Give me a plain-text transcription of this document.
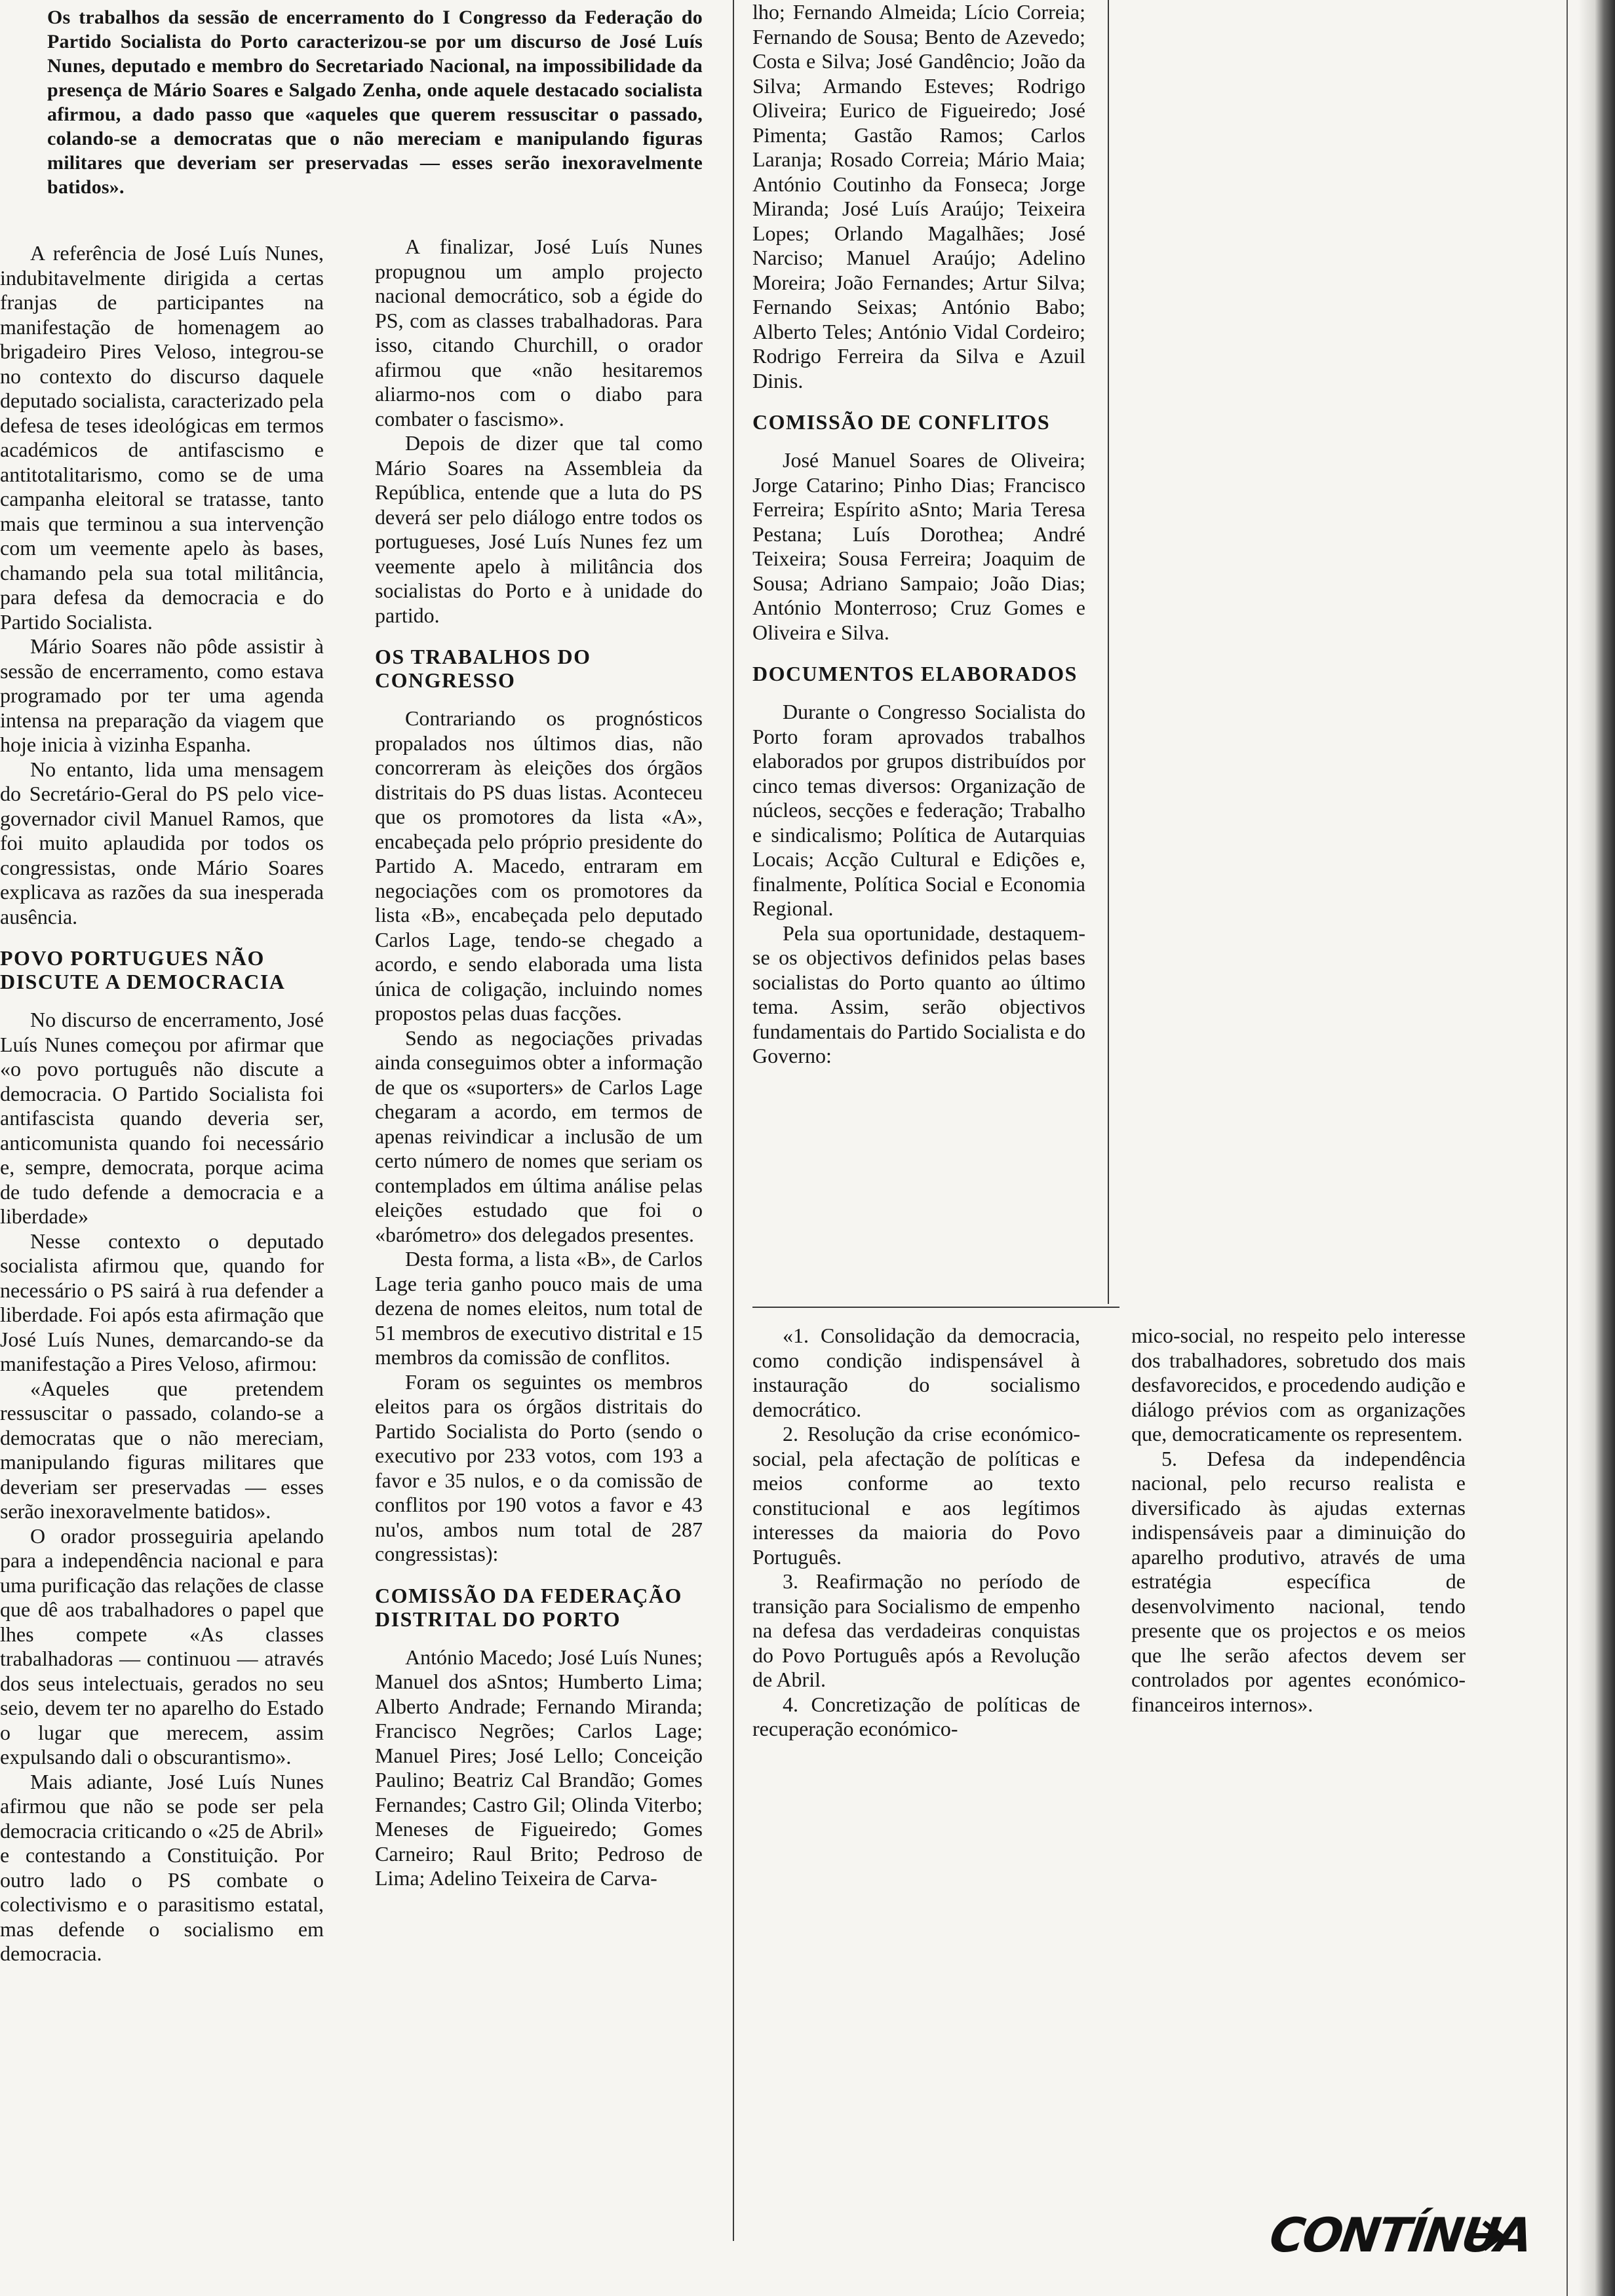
Os trabalhos da sessão de encerramento do I Congresso da Federação do Partido Socialista do Porto caracterizou-se por um discurso de José Luís Nunes, deputado e membro do Secretariado Nacional, na impossibilidade da presença de Mário Soares e Salgado Zenha, onde aquele destacado socialista afirmou, a dado passo que «aqueles que querem ressuscitar o passado, colando-se a democratas que o não mereciam e manipulando figuras militares que deveriam ser preservadas — esses serão inexoravelmente batidos».

A referência de José Luís Nunes, indubitavelmente dirigida a certas franjas de participantes na manifestação de homenagem ao brigadeiro Pires Veloso, integrou-se no contexto do discurso daquele deputado socialista, caracterizado pela defesa de teses ideológicas em termos académicos de antifascismo e antitotalitarismo, como se de uma campanha eleitoral se tratasse, tanto mais que terminou a sua intervenção com um veemente apelo às bases, chamando pela sua total militância, para defesa da democracia e do Partido Socialista.

Mário Soares não pôde assistir à sessão de encerramento, como estava programado por ter uma agenda intensa na preparação da viagem que hoje inicia à vizinha Espanha.

No entanto, lida uma mensagem do Secretário-Geral do PS pelo vice-governador civil Manuel Ramos, que foi muito aplaudida por todos os congressistas, onde Mário Soares explicava as razões da sua inesperada ausência.

POVO PORTUGUES NÃO DISCUTE A DEMOCRACIA

No discurso de encerramento, José Luís Nunes começou por afirmar que «o povo português não discute a democracia. O Partido Socialista foi antifascista quando deveria ser, anticomunista quando foi necessário e, sempre, democrata, porque acima de tudo defende a democracia e a liberdade»

Nesse contexto o deputado socialista afirmou que, quando for necessário o PS sairá à rua defender a liberdade. Foi após esta afirmação que José Luís Nunes, demarcando-se da manifestação a Pires Veloso, afirmou:

«Aqueles que pretendem ressuscitar o passado, colando-se a democratas que o não mereciam, manipulando figuras militares que deveriam ser preservadas — esses serão inexoravelmente batidos».

O orador prosseguiria apelando para a independência nacional e para uma purificação das relações de classe que dê aos trabalhadores o papel que lhes compete «As classes trabalhadoras — continuou — através dos seus intelectuais, gerados no seu seio, devem ter no aparelho do Estado o lugar que merecem, assim expulsando dali o obscurantismo».

Mais adiante, José Luís Nunes afirmou que não se pode ser pela democracia criticando o «25 de Abril» e contestando a Constituição. Por outro lado o PS combate o colectivismo e o parasitismo estatal, mas defende o socialismo em democracia.

A finalizar, José Luís Nunes propugnou um amplo projecto nacional democrático, sob a égide do PS, com as classes trabalhadoras. Para isso, citando Churchill, o orador afirmou que «não hesitaremos aliarmo-nos com o diabo para combater o fascismo».

Depois de dizer que tal como Mário Soares na Assembleia da República, entende que a luta do PS deverá ser pelo diálogo entre todos os portugueses, José Luís Nunes fez um veemente apelo à militância dos socialistas do Porto e à unidade do partido.

OS TRABALHOS DO CONGRESSO

Contrariando os prognósticos propalados nos últimos dias, não concorreram às eleições dos órgãos distritais do PS duas listas. Aconteceu que os promotores da lista «A», encabeçada pelo próprio presidente do Partido A. Macedo, entraram em negociações com os promotores da lista «B», encabeçada pelo deputado Carlos Lage, tendo-se chegado a acordo, e sendo elaborada uma lista única de coligação, incluindo nomes propostos pelas duas facções.

Sendo as negociações privadas ainda conseguimos obter a informação de que os «suporters» de Carlos Lage chegaram a acordo, em termos de apenas reivindicar a inclusão de um certo número de nomes que seriam os contemplados em última análise pelas eleições estudado que foi o «barómetro» dos delegados presentes.

Desta forma, a lista «B», de Carlos Lage teria ganho pouco mais de uma dezena de nomes eleitos, num total de 51 membros de executivo distrital e 15 membros da comissão de conflitos.

Foram os seguintes os membros eleitos para os órgãos distritais do Partido Socialista do Porto (sendo o executivo por 233 votos, com 193 a favor e 35 nulos, e o da comissão de conflitos por 190 votos a favor e 43 nu'os, ambos num total de 287 congressistas):

COMISSÃO DA FEDERAÇÃO DISTRITAL DO PORTO

António Macedo; José Luís Nunes; Manuel dos aSntos; Humberto Lima; Alberto Andrade; Fernando Miranda; Francisco Negrões; Carlos Lage; Manuel Pires; José Lello; Conceição Paulino; Beatriz Cal Brandão; Gomes Fernandes; Castro Gil; Olinda Viterbo; Meneses de Figueiredo; Gomes Carneiro; Raul Brito; Pedroso de Lima; Adelino Teixeira de Carva-

lho; Fernando Almeida; Lício Correia; Fernando de Sousa; Bento de Azevedo; Costa e Silva; José Gandêncio; João da Silva; Armando Esteves; Rodrigo Oliveira; Eurico de Figueiredo; José Pimenta; Gastão Ramos; Carlos Laranja; Rosado Correia; Mário Maia; António Coutinho da Fonseca; Jorge Miranda; José Luís Araújo; Teixeira Lopes; Orlando Magalhães; José Narciso; Manuel Araújo; Adelino Moreira; João Fernandes; Artur Silva; Fernando Seixas; António Babo; Alberto Teles; António Vidal Cordeiro; Rodrigo Ferreira da Silva e Azuil Dinis.

COMISSÃO DE CONFLITOS

José Manuel Soares de Oliveira; Jorge Catarino; Pinho Dias; Francisco Ferreira; Espírito aSnto; Maria Teresa Pestana; Luís Dorothea; André Teixeira; Sousa Ferreira; Joaquim de Sousa; Adriano Sampaio; João Dias; António Monterroso; Cruz Gomes e Oliveira e Silva.

DOCUMENTOS ELABORADOS

Durante o Congresso Socialista do Porto foram aprovados trabalhos elaborados por grupos distribuídos por cinco temas diversos: Organização de núcleos, secções e federação; Trabalho e sindicalismo; Política de Autarquias Locais; Acção Cultural e Edições e, finalmente, Política Social e Economia Regional.

Pela sua oportunidade, destaquem-se os objectivos definidos pelas bases socialistas do Porto quanto ao último tema. Assim, serão objectivos fundamentais do Partido Socialista e do Governo:

«1. Consolidação da democracia, como condição indispensável à instauração do socialismo democrático.
2. Resolução da crise económico-social, pela afectação de políticas e meios conforme ao texto constitucional e aos legítimos interesses da maioria do Povo Português.
3. Reafirmação no período de transição para Socialismo de empenho na defesa das verdadeiras conquistas do Povo Português após a Revolução de Abril.
4. Concretização de políticas de recuperação económico-

mico-social, no respeito pelo interesse dos trabalhadores, sobretudo dos mais desfavorecidos, e procedendo audição e diálogo prévios com as organizações que, democraticamente os representem.

5. Defesa da independência nacional, pelo recurso realista e diversificado às ajudas externas indispensáveis paar a diminuição do aparelho produtivo, através de uma estratégia específica de desenvolvimento nacional, tendo presente que os projectos e os meios que lhe serão afectos devem ser controlados por agentes económico-financeiros internos».

CONTÍNUA
